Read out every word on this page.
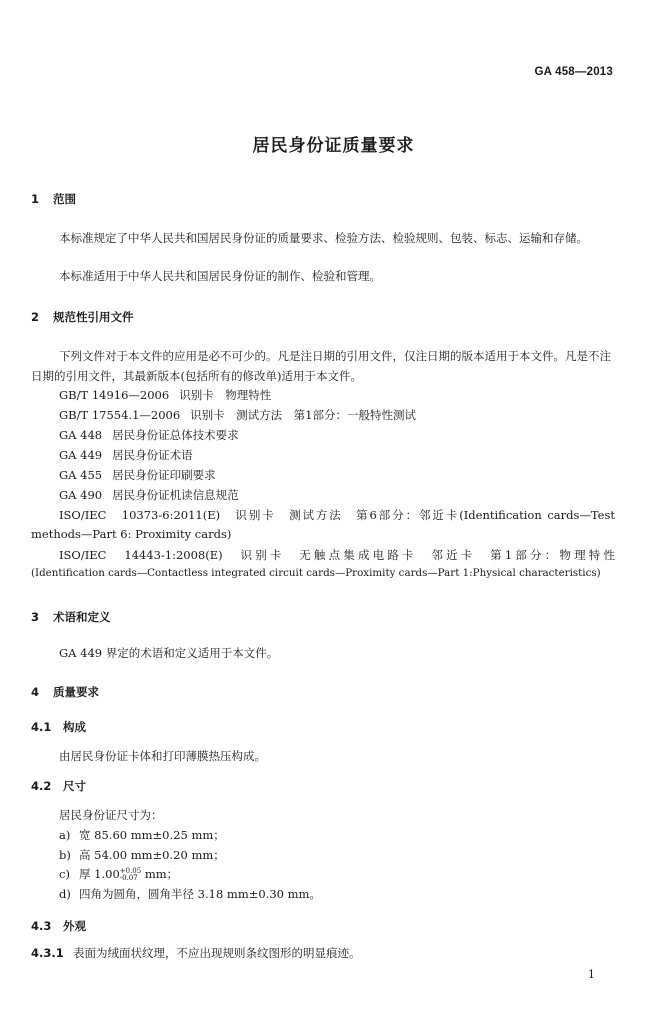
GA 458—2013
居民身份证质量要求
1 范围
本标准规定了中华人民共和国居民身份证的质量要求、检验方法、检验规则、包装、标志、运输和存储。
本标准适用于中华人民共和国居民身份证的制作、检验和管理。
2 规范性引用文件
下列文件对于本文件的应用是必不可少的。凡是注日期的引用文件，仅注日期的版本适用于本文件。凡是不注日期的引用文件，其最新版本(包括所有的修改单)适用于本文件。
GB/T 14916—2006 识别卡　物理特性
GB/T 17554.1—2006 识别卡　测试方法　第1部分：一般特性测试
GA 448 居民身份证总体技术要求
GA 449 居民身份证术语
GA 455 居民身份证印刷要求
GA 490 居民身份证机读信息规范
ISO/IEC　10373-6:2011(E)　识别卡　测试方法　第6部分：邻近卡(Identification cards—Test
methods—Part 6: Proximity cards)
ISO/IEC　14443-1:2008(E)　识别卡　无触点集成电路卡　邻近卡　第1部分：物理特性
(Identification cards—Contactless integrated circuit cards—Proximity cards—Part 1:Physical characteristics)
3 术语和定义
GA 449 界定的术语和定义适用于本文件。
4 质量要求
4.1 构成
由居民身份证卡体和打印薄膜热压构成。
4.2 尺寸
居民身份证尺寸为：
a) 宽 85.60 mm±0.25 mm；
b) 高 54.00 mm±0.20 mm；
c) 厚 1.00+0.05
-0.07 mm；
d) 四角为圆角，圆角半径 3.18 mm±0.30 mm。
4.3 外观
4.3.1 表面为绒面状纹理，不应出现规则条纹图形的明显痕迹。
1
